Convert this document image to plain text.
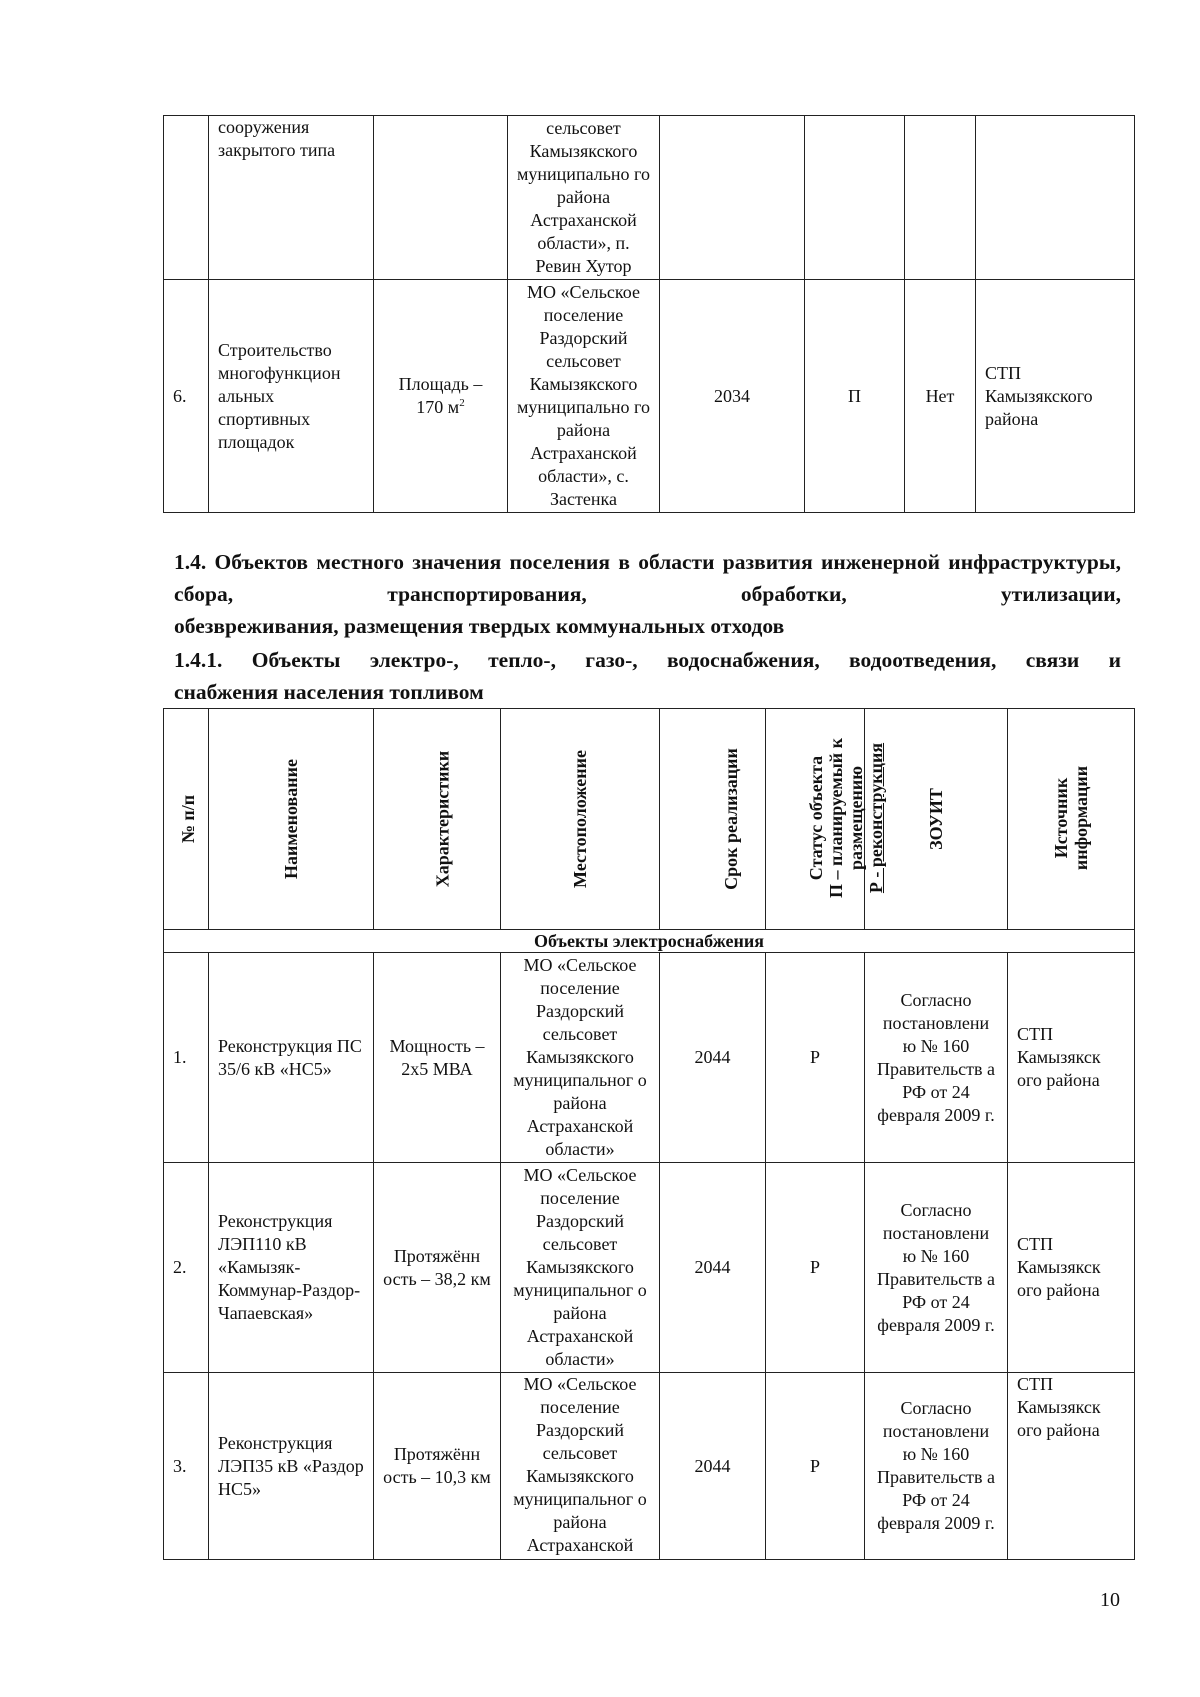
	сооружения закрытого типа		сельсовет Камызякского муниципально го района Астраханской области», п. Ревин Хутор				
6.	Строительство многофункцион альных спортивных площадок	Площадь – 170 $м^2$	МО «Сельское поселение Раздорский сельсовет Камызякского муниципально го района Астраханской области», с. Застенка	2034	П	Нет	СТП Камызякского района
1.4. Объектов местного значения поселения в области развития инженерной инфраструктуры, сбора, транспортирования, обработки, утилизации,
обезвреживания, размещения твердых коммунальных отходов
1.4.1. Объекты электро-, тепло-, газо-, водоснабжения, водоотведения, связи и
снабжения населения топливом
№ п/п	Наименование	Характеристики	Местоположение	Срок реализации	Статус объекта П – планируемый к размещению Р - реконструкция	ЗОУИТ	Источник информации

Объекты электроснабжения							
1.	Реконструкция ПС 35/6 кВ «НС5»	Мощность – 2х5 МВА	МО «Сельское поселение Раздорский сельсовет Камызякского муниципальног о района Астраханской области»	2044	Р	Согласно постановлени ю № 160 Правительств а РФ от 24 февраля 2009 г.	СТП Камызякск ого района
2.	Реконструкция ЛЭП110 кВ «Камызяк-Коммунар-Раздор-Чапаевская»	Протяжённ ость – 38,2 км	МО «Сельское поселение Раздорский сельсовет Камызякского муниципальног о района Астраханской области»	2044	Р	Согласно постановлени ю № 160 Правительств а РФ от 24 февраля 2009 г.	СТП Камызякск ого района
3.	Реконструкция ЛЭП35 кВ «Раздор НС5»	Протяжённ ость – 10,3 км	МО «Сельское поселение Раздорский сельсовет Камызякского муниципальног о района Астраханской	2044	Р	Согласно постановлени ю № 160 Правительств а РФ от 24 февраля 2009 г.	СТП Камызякск ого района
10
